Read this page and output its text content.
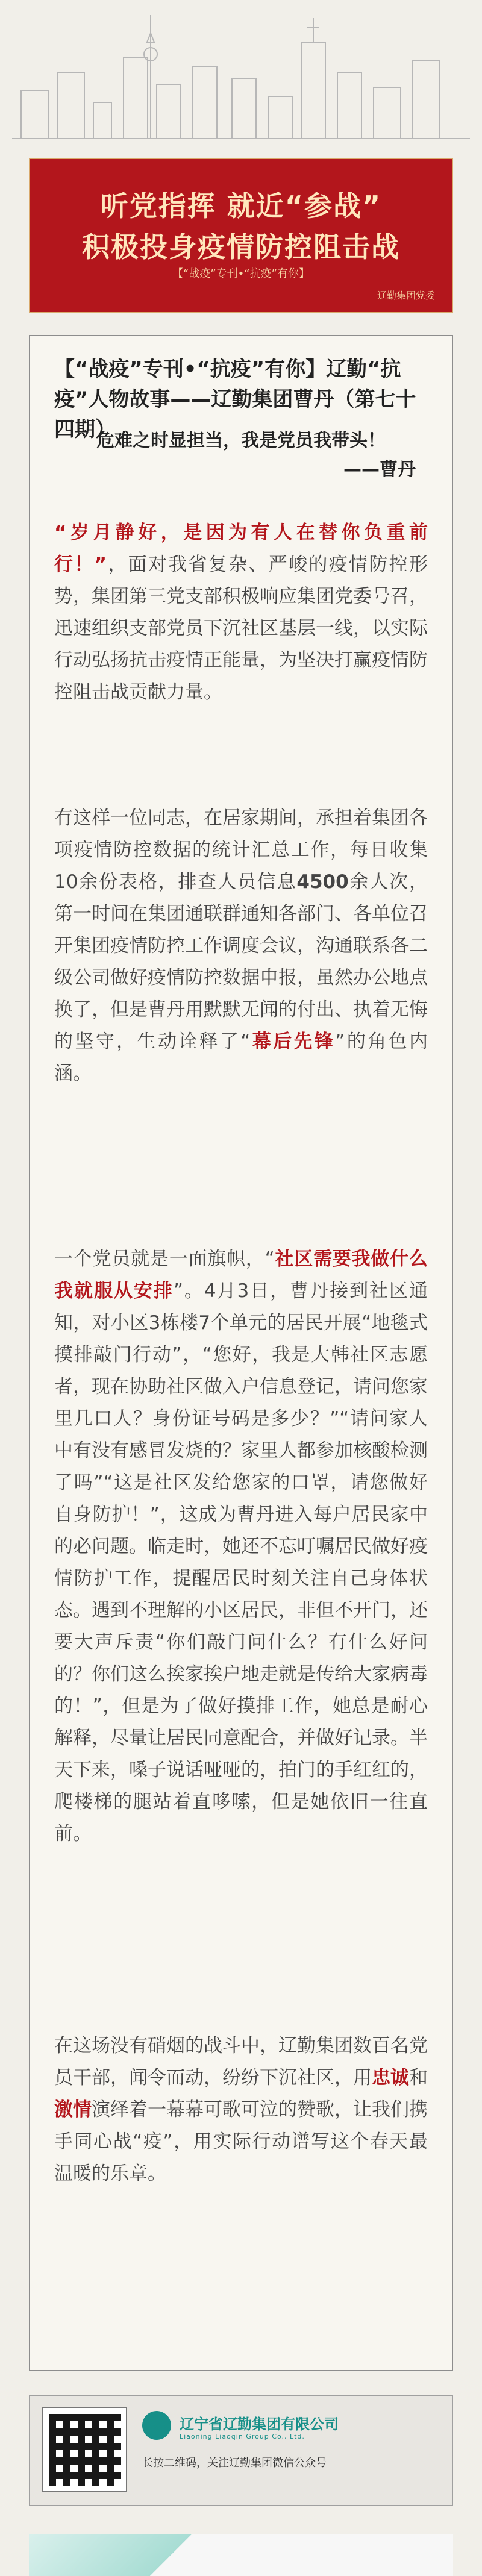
听党指挥 就近“参战”
积极投身疫情防控阻击战
【“战疫”专刊•“抗疫”有你】
辽勤集团党委
【“战疫”专刊•“抗疫”有你】辽勤“抗疫”人物故事——辽勤集团曹丹（第七十四期）
危难之时显担当，我是党员我带头！
——曹丹
“岁月静好，是因为有人在替你负重前行！”，面对我省复杂、严峻的疫情防控形势，集团第三党支部积极响应集团党委号召，迅速组织支部党员下沉社区基层一线，以实际行动弘扬抗击疫情正能量，为坚决打赢疫情防控阻击战贡献力量。
有这样一位同志，在居家期间，承担着集团各项疫情防控数据的统计汇总工作，每日收集10余份表格，排查人员信息4500余人次，第一时间在集团通联群通知各部门、各单位召开集团疫情防控工作调度会议，沟通联系各二级公司做好疫情防控数据申报，虽然办公地点换了，但是曹丹用默默无闻的付出、执着无悔的坚守，生动诠释了“幕后先锋”的角色内涵。
一个党员就是一面旗帜，“社区需要我做什么我就服从安排”。4月3日，曹丹接到社区通知，对小区3栋楼7个单元的居民开展“地毯式摸排敲门行动”，“您好，我是大韩社区志愿者，现在协助社区做入户信息登记，请问您家里几口人？身份证号码是多少？”“请问家人中有没有感冒发烧的？家里人都参加核酸检测了吗”“这是社区发给您家的口罩，请您做好自身防护！”，这成为曹丹进入每户居民家中的必问题。临走时，她还不忘叮嘱居民做好疫情防护工作，提醒居民时刻关注自己身体状态。遇到不理解的小区居民，非但不开门，还要大声斥责“你们敲门问什么？有什么好问的？你们这么挨家挨户地走就是传给大家病毒的！”，但是为了做好摸排工作，她总是耐心解释，尽量让居民同意配合，并做好记录。半天下来，嗓子说话哑哑的，拍门的手红红的，爬楼梯的腿站着直哆嗦，但是她依旧一往直前。
在这场没有硝烟的战斗中，辽勤集团数百名党员干部，闻令而动，纷纷下沉社区，用忠诚和激情演绎着一幕幕可歌可泣的赞歌，让我们携手同心战“疫”，用实际行动谱写这个春天最温暖的乐章。
辽宁省辽勤集团有限公司
Liaoning Liaoqin Group Co., Ltd.
长按二维码，关注辽勤集团微信公众号
